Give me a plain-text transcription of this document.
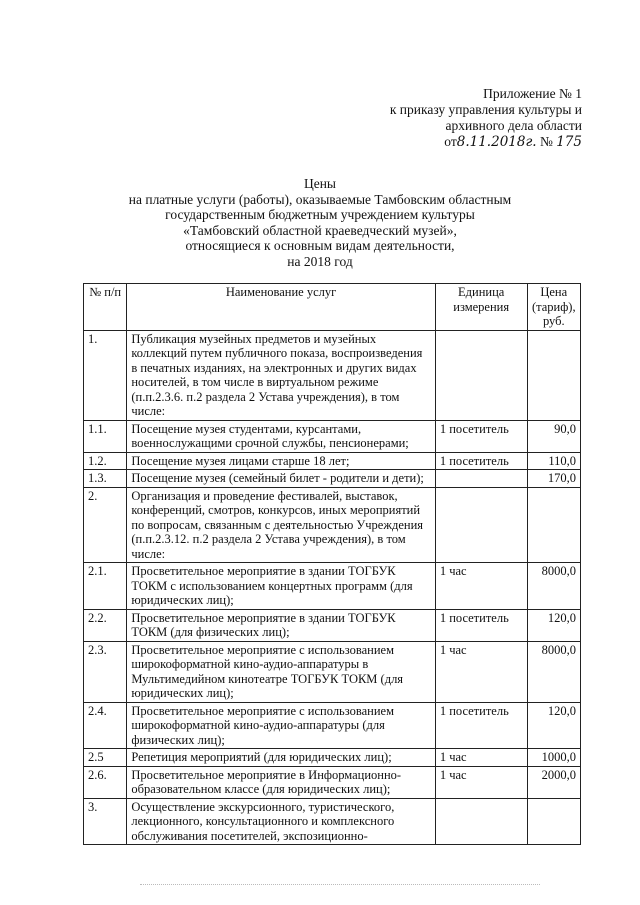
Приложение № 1
к приказу управления культуры и
архивного дела области
от8.11.2018г. № 175
Цены
на платные услуги (работы), оказываемые Тамбовским областным
государственным бюджетным учреждением культуры
«Тамбовский областной краеведческий музей»,
относящиеся к основным видам деятельности,
на 2018 год
№ п/п	Наименование услуг	Единица измерения	Цена (тариф), руб.
1.	Публикация музейных предметов и музейных коллекций путем публичного показа, воспроизведения в печатных изданиях, на электронных и других видах носителей, в том числе в виртуальном режиме (п.п.2.3.6. п.2 раздела 2 Устава учреждения), в том числе:		
1.1.	Посещение музея студентами, курсантами, военнослужащими срочной службы, пенсионерами;	1 посетитель	90,0
1.2.	Посещение музея лицами старше 18 лет;	1 посетитель	110,0
1.3.	Посещение музея (семейный билет - родители и дети);		170,0
2.	Организация и проведение фестивалей, выставок, конференций, смотров, конкурсов, иных мероприятий по вопросам, связанным с деятельностью Учреждения (п.п.2.3.12. п.2 раздела 2 Устава учреждения), в том числе:		
2.1.	Просветительное мероприятие в здании ТОГБУК ТОКМ с использованием концертных программ (для юридических лиц);	1 час	8000,0
2.2.	Просветительное мероприятие в здании ТОГБУК ТОКМ (для физических лиц);	1 посетитель	120,0
2.3.	Просветительное мероприятие с использованием широкоформатной кино-аудио-аппаратуры в Мультимедийном кинотеатре ТОГБУК ТОКМ (для юридических лиц);	1 час	8000,0
2.4.	Просветительное мероприятие с использованием широкоформатной кино-аудио-аппаратуры (для физических лиц);	1 посетитель	120,0
2.5	Репетиция мероприятий (для юридических лиц);	1 час	1000,0
2.6.	Просветительное мероприятие в Информационно-образовательном классе (для юридических лиц);	1 час	2000,0
3.	Осуществление экскурсионного, туристического, лекционного, консультационного и комплексного обслуживания посетителей, экспозиционно-		
